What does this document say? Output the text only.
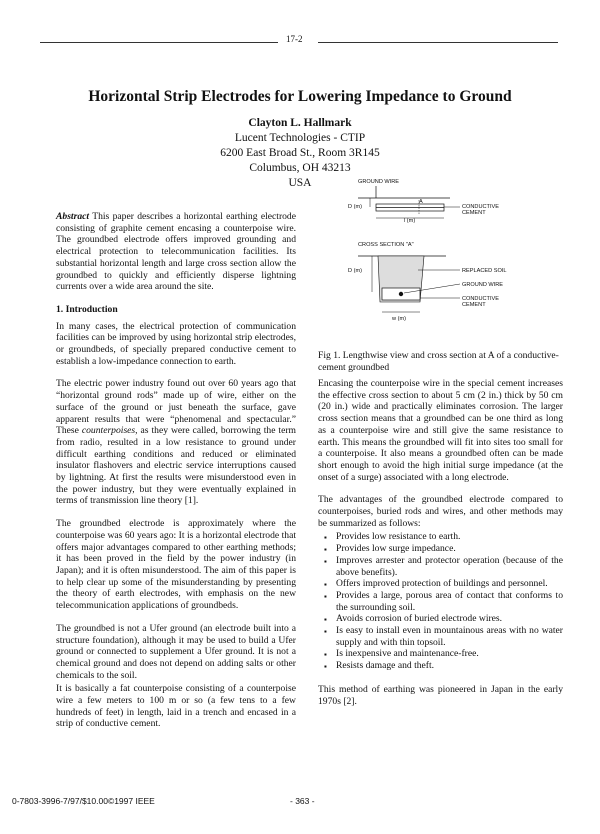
17-2
Horizontal Strip Electrodes for Lowering Impedance to Ground
Clayton L. Hallmark
Lucent Technologies - CTIP
6200 East Broad St., Room 3R145
Columbus, OH 43213
USA

Abstract This paper describes a horizontal earthing electrode consisting of graphite cement encasing a counterpoise wire. The groundbed electrode offers improved grounding and electrical protection to telecommunication facilities. Its substantial horizontal length and large cross section allow the groundbed to quickly and efficiently disperse lightning currents over a wide area around the site.

1. Introduction

In many cases, the electrical protection of communication facilities can be improved by using horizontal strip electrodes, or groundbeds, of specially prepared conductive cement to establish a low-impedance connection to earth.

The electric power industry found out over 60 years ago that “horizontal ground rods” made up of wire, either on the surface of the ground or just beneath the surface, gave apparent results that were “phenomenal and spectacular.” These counterpoises, as they were called, borrowing the term from radio, resulted in a low resistance to ground under difficult earthing conditions and reduced or eliminated insulator flashovers and electric service interruptions caused by lightning. At first the results were misunderstood even in the power industry, but they were eventually explained in terms of transmission line theory [1].

The groundbed electrode is approximately where the counterpoise was 60 years ago: It is a horizontal electrode that offers major advantages compared to other earthing methods; it has been proved in the field by the power industry (in Japan); and it is often misunderstood. The aim of this paper is to help clear up some of the misunderstanding by presenting the theory of earth electrodes, with emphasis on the new telecommunication applications of groundbeds.

The groundbed is not a Ufer ground (an electrode built into a structure foundation), although it may be used to build a Ufer ground or connected to supplement a Ufer ground. It is not a chemical ground and does not depend on adding salts or other chemicals to the soil.

It is basically a fat counterpoise consisting of a counterpoise wire a few meters to 100 m or so (a few tens to a few hundreds of feet) in length, laid in a trench and encased in a strip of conductive cement.

GROUND WIRE
D (m)
A
l (m)
CONDUCTIVE CEMENT
CROSS SECTION "A"
D (m)
w (m)
REPLACED SOIL
GROUND WIRE
CONDUCTIVE CEMENT
Fig 1. Lengthwise view and cross section at A of a conductive-cement groundbed

Encasing the counterpoise wire in the special cement increases the effective cross section to about 5 cm (2 in.) thick by 50 cm (20 in.) wide and practically eliminates corrosion. The larger cross section means that a groundbed can be one third as long as a counterpoise wire and still give the same resistance to earth. This means the groundbed will fit into sites too small for a counterpoise. It also means a groundbed often can be made short enough to avoid the high initial surge impedance (at the onset of a surge) associated with a long electrode.

The advantages of the groundbed electrode compared to counterpoises, buried rods and wires, and other methods may be summarized as follows:

▪ Provides low resistance to earth.
▪ Provides low surge impedance.
▪ Improves arrester and protector operation (because of the above benefits).
▪ Offers improved protection of buildings and personnel.
▪ Provides a large, porous area of contact that conforms to the surrounding soil.
▪ Avoids corrosion of buried electrode wires.
▪ Is easy to install even in mountainous areas with no water supply and with thin topsoil.
▪ Is inexpensive and maintenance-free.
▪ Resists damage and theft.

This method of earthing was pioneered in Japan in the early 1970s [2].

0-7803-3996-7/97/$10.00©1997 IEEE	- 363 -
